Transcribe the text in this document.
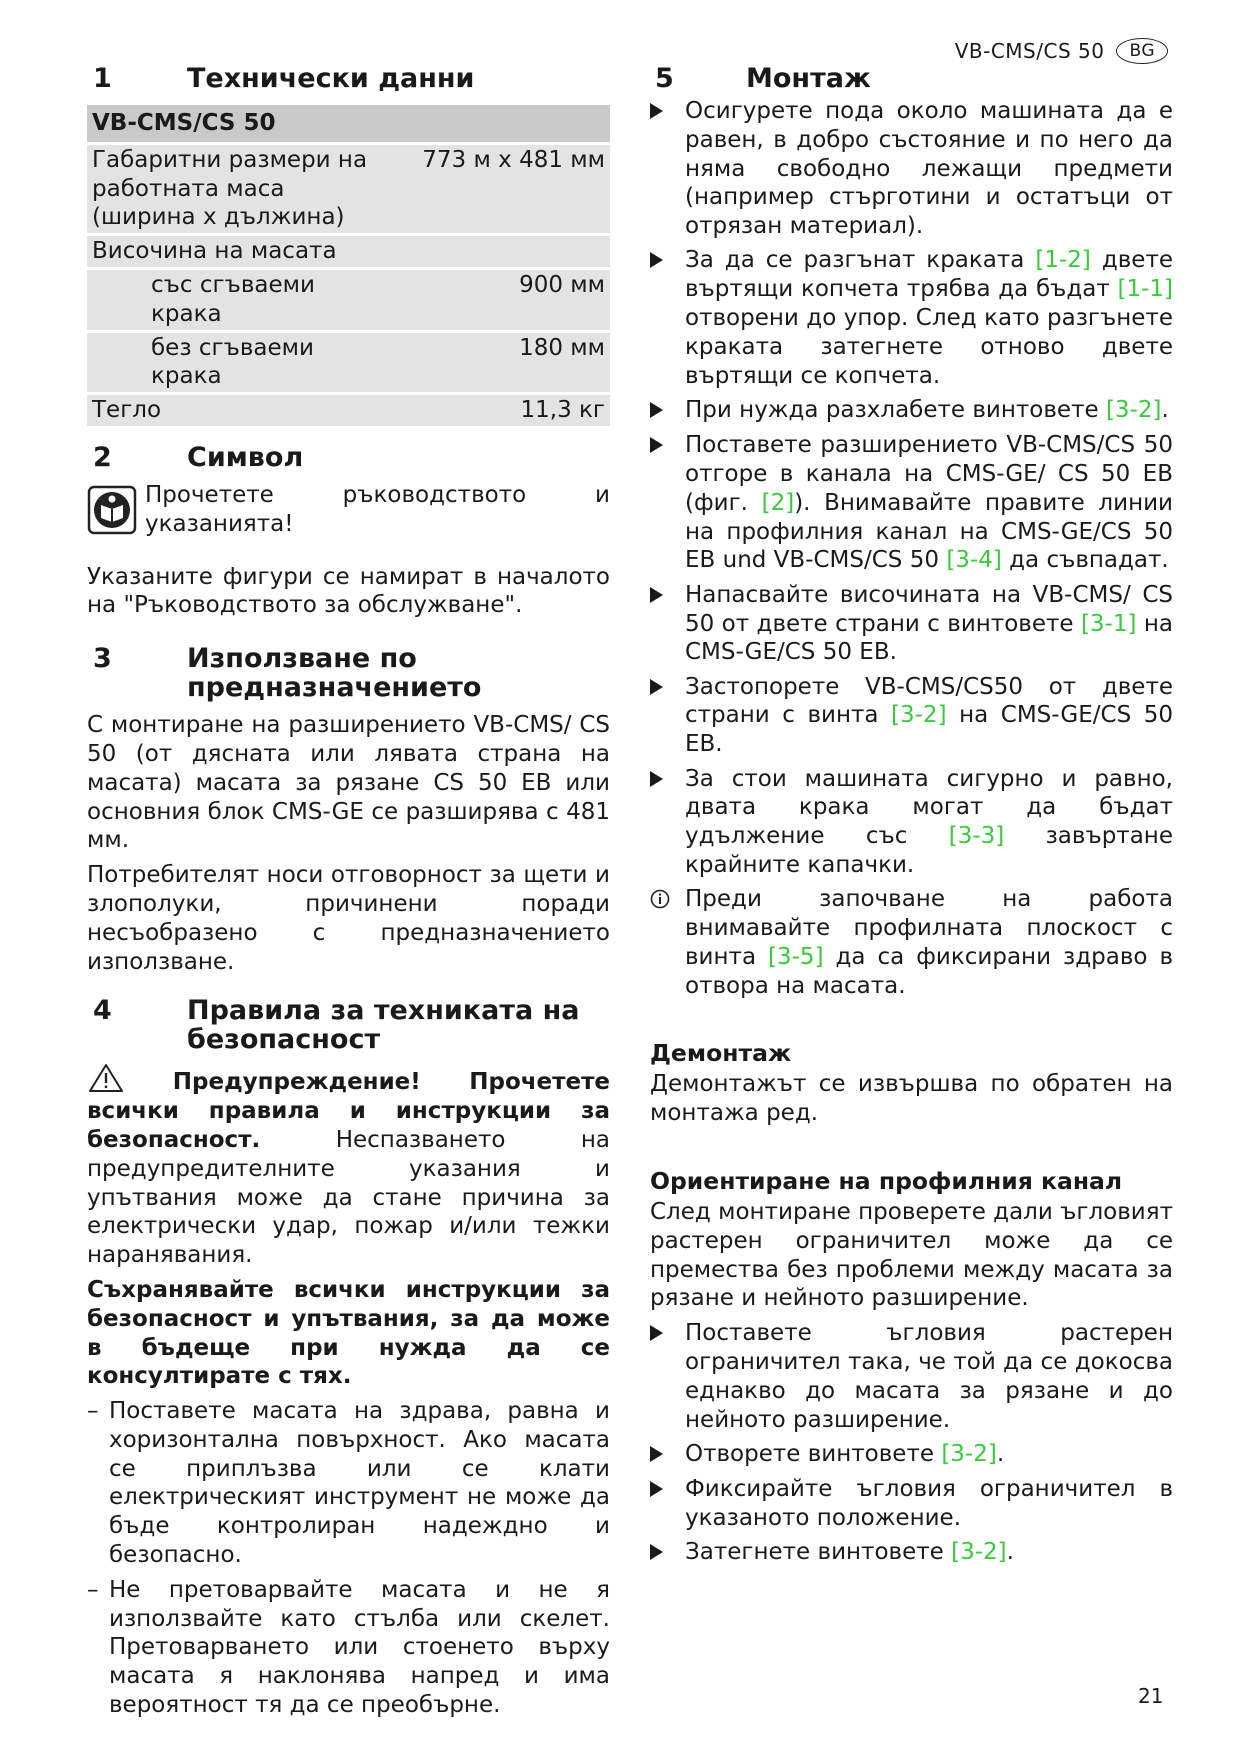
VB-CMS/CS 50	BG
1	Технически данни
VB-CMS/CS 50	
Габаритни размери на работната маса (ширина x дължина)	773 м x 481 мм
Височина на масата	
със сгъваеми крака	900 мм
без сгъваеми крака	180 мм
Тегло	11,3 кг
2	Символ
Прочетете ръководството и указанията!
Указаните фигури се намират в началото на "Ръководството за обслужване".
3	Използване по предназначението
С монтиране на разширението VB-CMS/ CS 50 (от дясната или лявата страна на масата) масата за рязане CS 50 EB или основния блок CMS-GE се разширява с 481 мм.
Потребителят носи отговорност за щети и злополуки, причинени поради несъобразено с предназначението използване.
4	Правила за техниката на безопасност
Предупреждение! Прочетете всички правила и инструкции за безопасност.	Неспазването на предупредителните указания и упътвания може да стане причина за електрически удар, пожар и/или тежки наранявания.
Съхранявайте всички инструкции за безопасност и упътвания, за да може в бъдеще при нужда да се консултирате с тях.
– Поставете масата на здрава, равна и хоризонтална повърхност. Ако масата се приплъзва или се клати електрическият инструмент не може да бъде контролиран надеждно и безопасно.
– Не претоварвайте масата и не я използвайте като стълба или скелет. Претоварването или стоенето върху масата я наклонява напред и има вероятност тя да се преобърне.
5	Монтаж
Осигурете пода около машината да е равен, в добро състояние и по него да няма свободно лежащи предмети (например стърготини и остатъци от отрязан материал).
За да се разгънат краката [1-2] двете въртящи копчета трябва да бъдат [1-1] отворени до упор. След като разгънете краката затегнете отново двете въртящи се копчета.
При нужда разхлабете винтовете [3-2].
Поставете разширението VB-CMS/CS 50 отгоре в канала на CMS-GE/ CS 50 EB (фиг. [2]). Внимавайте правите линии на профилния канал на CMS-GE/CS 50 EB und VB-CMS/CS 50 [3-4] да съвпадат.
Напасвайте височината на VB-CMS/ CS 50 от двете страни с винтовете [3-1] на CMS-GE/CS 50 EB.
Застопорете VB-CMS/CS50 от двете страни с винта [3-2] на CMS-GE/CS 50 EB.
За стои машината сигурно и равно, двата крака могат да бъдат удължение със [3-3] завъртане крайните капачки.
Преди започване на работа внимавайте профилната плоскост с винта [3-5] да са фиксирани здраво в отвора на масата.
Демонтаж
Демонтажът се извършва по обратен на монтажа ред.
Ориентиране на профилния канал
След монтиране проверете дали ъгловият растерен ограничител може да се премества без проблеми между масата за рязане и нейното разширение.
Поставете ъгловия растерен ограничител така, че той да се докосва еднакво до масата за рязане и до нейното разширение.
Отворете винтовете [3-2].
Фиксирайте ъгловия ограничител в указаното положение.
Затегнете винтовете [3-2].
21
